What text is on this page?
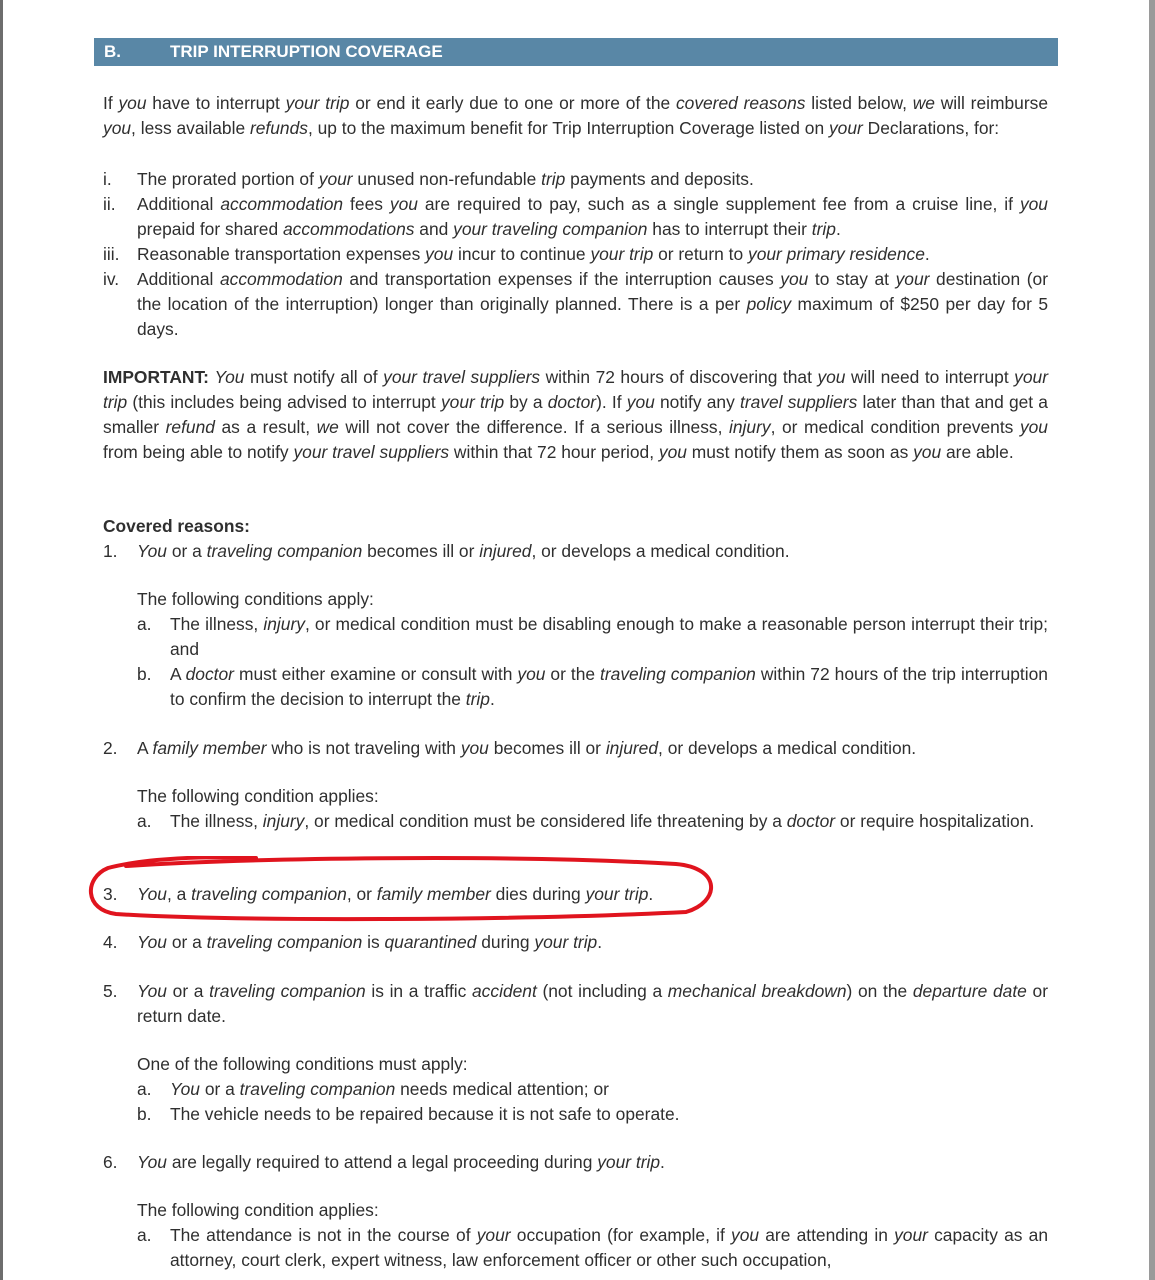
B.	TRIP INTERRUPTION COVERAGE
If you have to interrupt your trip or end it early due to one or more of the covered reasons listed below, we will reimburse you, less available refunds, up to the maximum benefit for Trip Interruption Coverage listed on your Declarations, for:
i. The prorated portion of your unused non-refundable trip payments and deposits.
ii. Additional accommodation fees you are required to pay, such as a single supplement fee from a cruise line, if you prepaid for shared accommodations and your traveling companion has to interrupt their trip.
iii. Reasonable transportation expenses you incur to continue your trip or return to your primary residence.
iv. Additional accommodation and transportation expenses if the interruption causes you to stay at your destination (or the location of the interruption) longer than originally planned. There is a per policy maximum of $250 per day for 5 days.
IMPORTANT: You must notify all of your travel suppliers within 72 hours of discovering that you will need to interrupt your trip (this includes being advised to interrupt your trip by a doctor). If you notify any travel suppliers later than that and get a smaller refund as a result, we will not cover the difference. If a serious illness, injury, or medical condition prevents you from being able to notify your travel suppliers within that 72 hour period, you must notify them as soon as you are able.
Covered reasons:
1. You or a traveling companion becomes ill or injured, or develops a medical condition.
The following conditions apply:
a. The illness, injury, or medical condition must be disabling enough to make a reasonable person interrupt their trip; and
b. A doctor must either examine or consult with you or the traveling companion within 72 hours of the trip interruption to confirm the decision to interrupt the trip.
2. A family member who is not traveling with you becomes ill or injured, or develops a medical condition.
The following condition applies:
a. The illness, injury, or medical condition must be considered life threatening by a doctor or require hospitalization.
3. You, a traveling companion, or family member dies during your trip.
4. You or a traveling companion is quarantined during your trip.
5. You or a traveling companion is in a traffic accident (not including a mechanical breakdown) on the departure date or return date.
One of the following conditions must apply:
a. You or a traveling companion needs medical attention; or
b. The vehicle needs to be repaired because it is not safe to operate.
6. You are legally required to attend a legal proceeding during your trip.
The following condition applies:
a. The attendance is not in the course of your occupation (for example, if you are attending in your capacity as an attorney, court clerk, expert witness, law enforcement officer or other such occupation,
